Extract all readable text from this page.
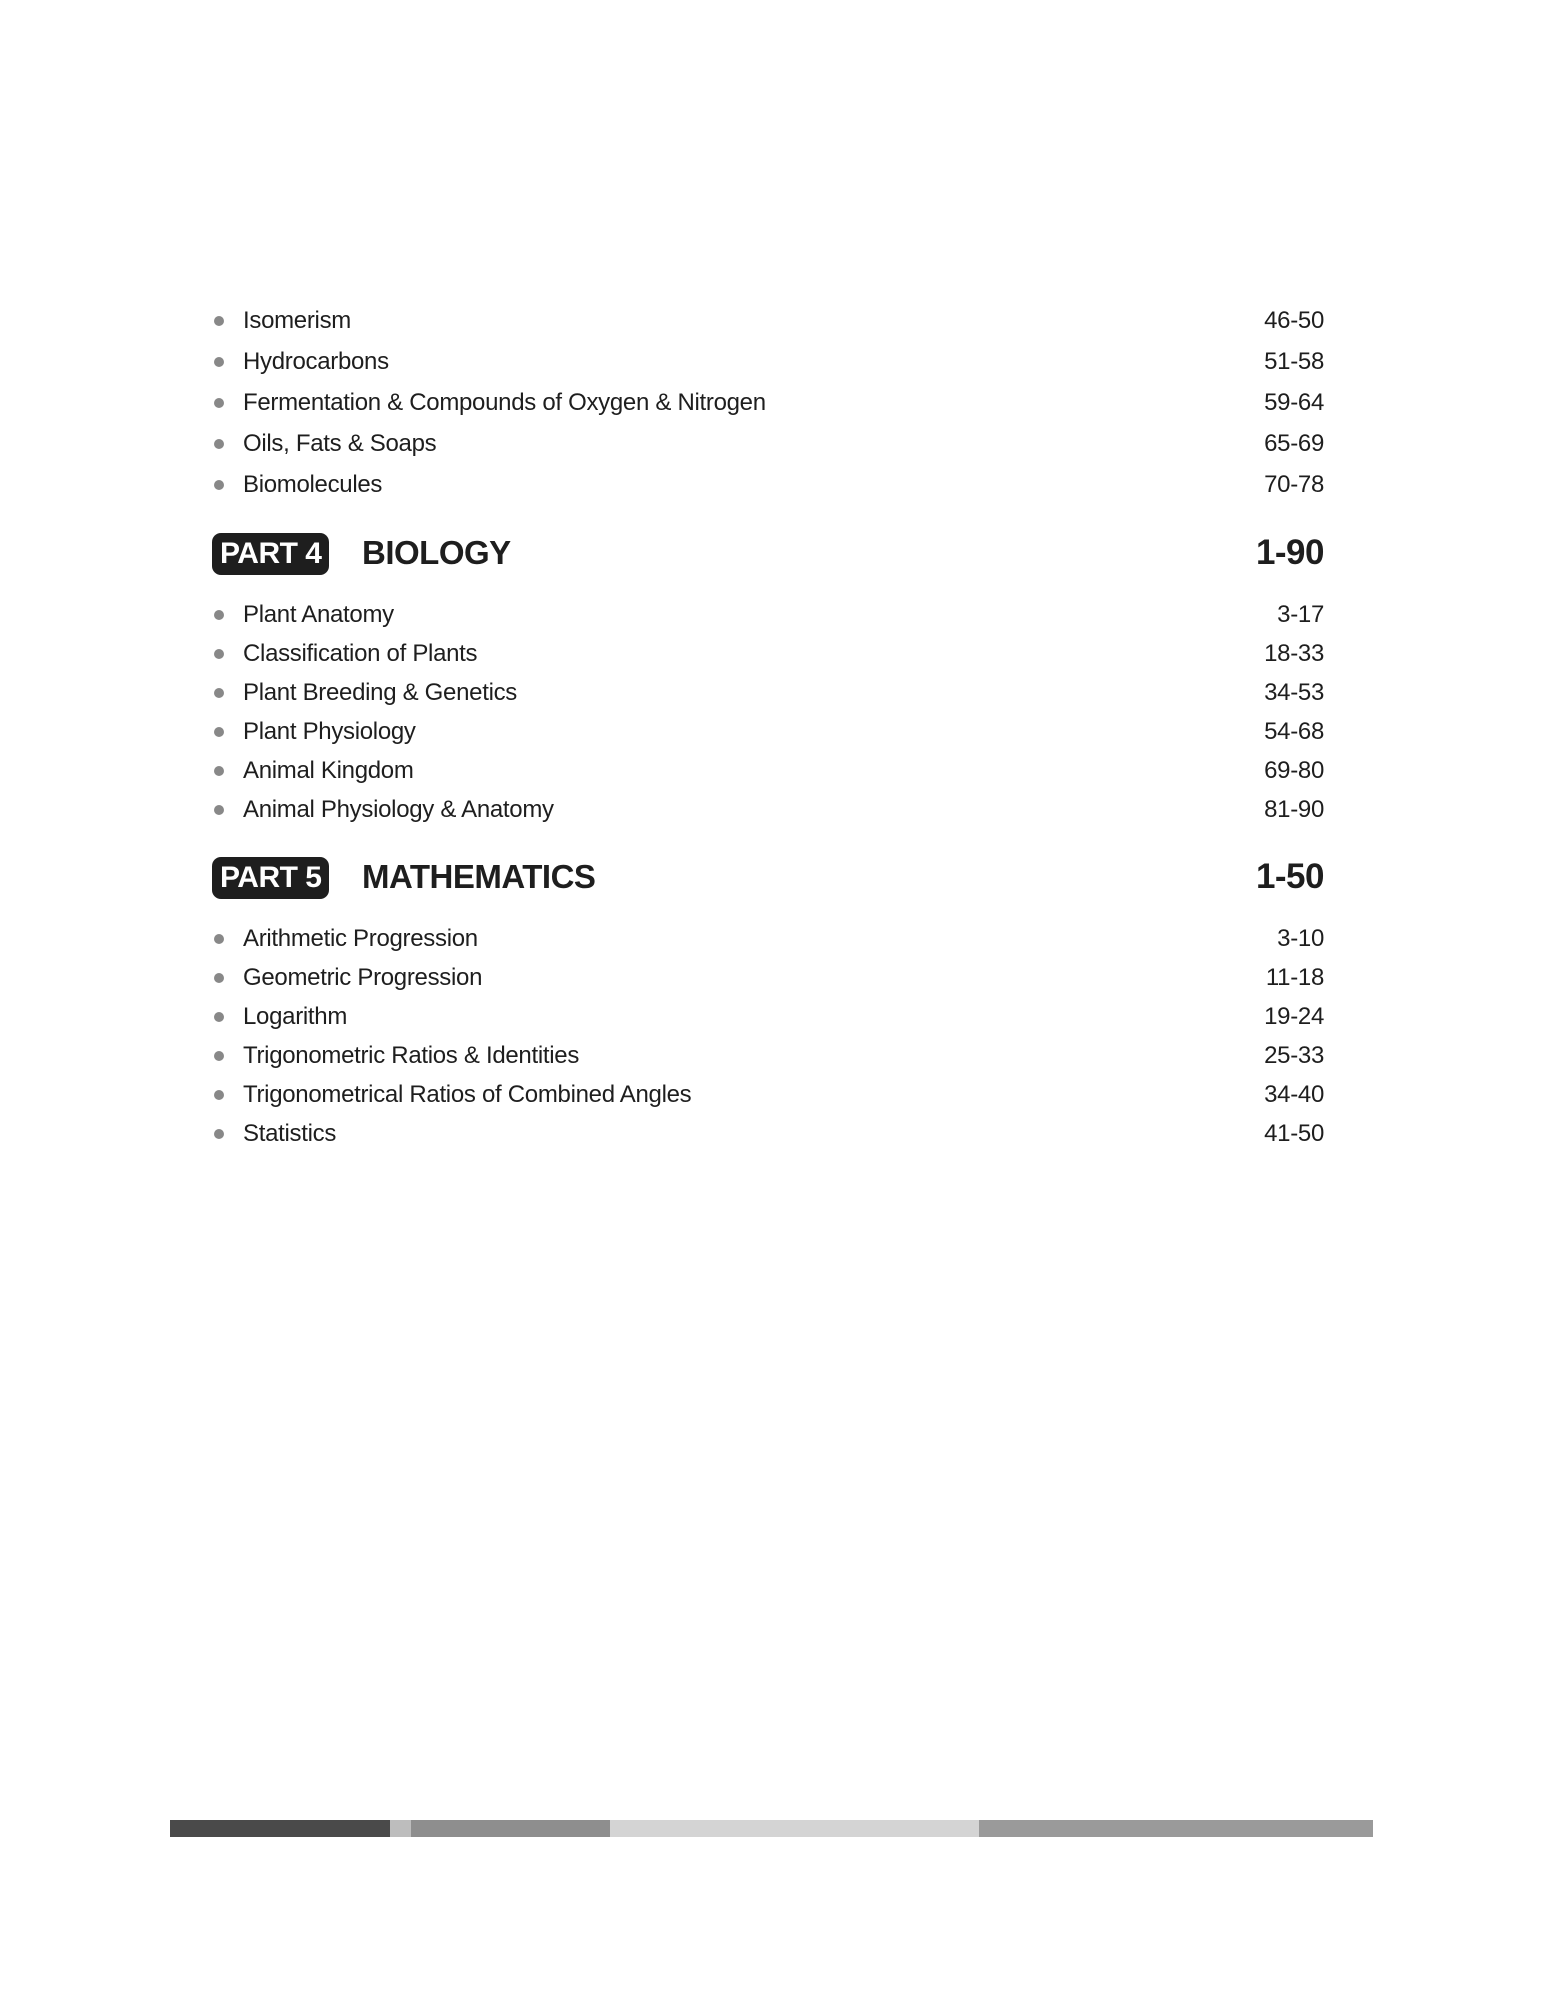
Isomerism	46-50
Hydrocarbons	51-58
Fermentation & Compounds of Oxygen & Nitrogen	59-64
Oils, Fats & Soaps	65-69
Biomolecules	70-78
PART 4 BIOLOGY	1-90
Plant Anatomy	3-17
Classification of Plants	18-33
Plant Breeding & Genetics	34-53
Plant Physiology	54-68
Animal Kingdom	69-80
Animal Physiology & Anatomy	81-90
PART 5 MATHEMATICS	1-50
Arithmetic Progression	3-10
Geometric Progression	11-18
Logarithm	19-24
Trigonometric Ratios & Identities	25-33
Trigonometrical Ratios of Combined Angles	34-40
Statistics	41-50
